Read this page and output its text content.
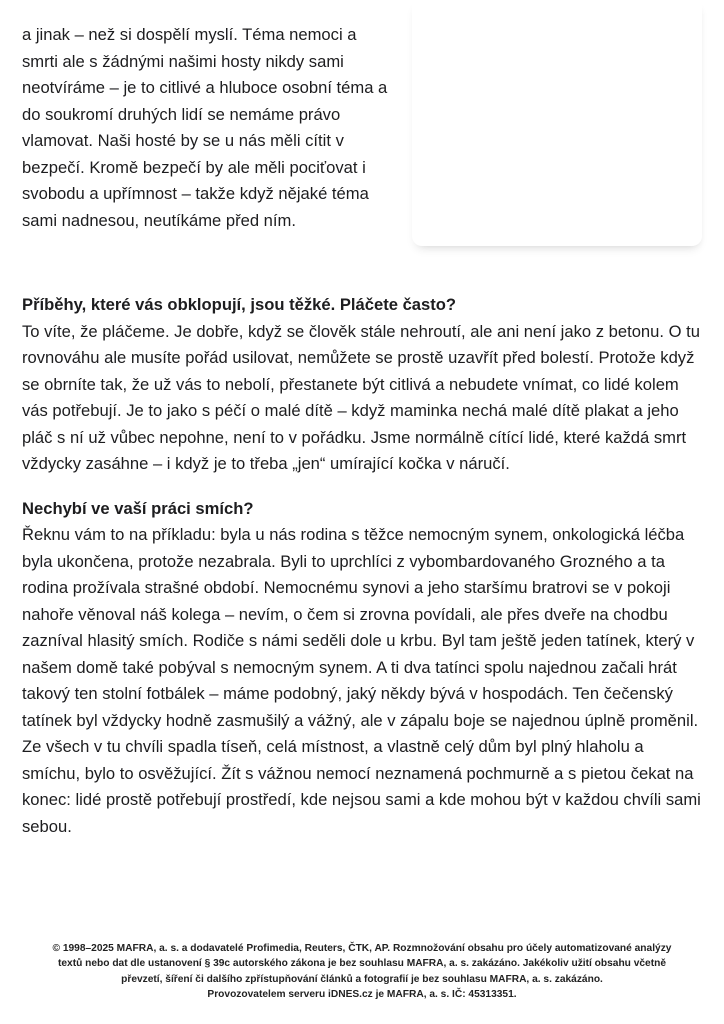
a jinak – než si dospělí myslí. Téma nemoci a smrti ale s žádnými našimi hosty nikdy sami neotvíráme – je to citlivé a hluboce osobní téma a do soukromí druhých lidí se nemáme právo vlamovat. Naši hosté by se u nás měli cítit v bezpečí. Kromě bezpečí by ale měli pociťovat i svobodu a upřímnost – takže když nějaké téma sami nadnesou, neutíkáme před ním.

Příběhy, které vás obklopují, jsou těžké. Pláčete často?

To víte, že pláčeme. Je dobře, když se člověk stále nehroutí, ale ani není jako z betonu. O tu rovnováhu ale musíte pořád usilovat, nemůžete se prostě uzavřít před bolestí. Protože když se obrníte tak, že už vás to nebolí, přestanete být citlivá a nebudete vnímat, co lidé kolem vás potřebují. Je to jako s péčí o malé dítě – když maminka nechá malé dítě plakat a jeho pláč s ní už vůbec nepohne, není to v pořádku. Jsme normálně cítící lidé, které každá smrt vždycky zasáhne – i když je to třeba „jen“ umírající kočka v náručí.

Nechybí ve vaší práci smích?

Řeknu vám to na příkladu: byla u nás rodina s těžce nemocným synem, onkologická léčba byla ukončena, protože nezabrala. Byli to uprchlíci z vybombardovaného Grozného a ta rodina prožívala strašné období. Nemocnému synovi a jeho staršímu bratrovi se v pokoji nahoře věnoval náš kolega – nevím, o čem si zrovna povídali, ale přes dveře na chodbu zazníval hlasitý smích. Rodiče s námi seděli dole u krbu. Byl tam ještě jeden tatínek, který v našem domě také pobýval s nemocným synem. A ti dva tatínci spolu najednou začali hrát takový ten stolní fotbálek – máme podobný, jaký někdy bývá v hospodách. Ten čečenský tatínek byl vždycky hodně zasmušilý a vážný, ale v zápalu boje se najednou úplně proměnil. Ze všech v tu chvíli spadla tíseň, celá místnost, a vlastně celý dům byl plný hlaholu a smíchu, bylo to osvěžující. Žít s vážnou nemocí neznamená pochmurně a s pietou čekat na konec: lidé prostě potřebují prostředí, kde nejsou sami a kde mohou být v každou chvíli sami sebou.

© 1998–2025 MAFRA, a. s. a dodavatelé Profimedia, Reuters, ČTK, AP. Rozmnožování obsahu pro účely automatizované analýzy textů nebo dat dle ustanovení § 39c autorského zákona je bez souhlasu MAFRA, a. s. zakázáno. Jakékoliv užití obsahu včetně převzetí, šíření či dalšího zpřístupňování článků a fotografií je bez souhlasu MAFRA, a. s. zakázáno.
Provozovatelem serveru iDNES.cz je MAFRA, a. s. IČ: 45313351.
